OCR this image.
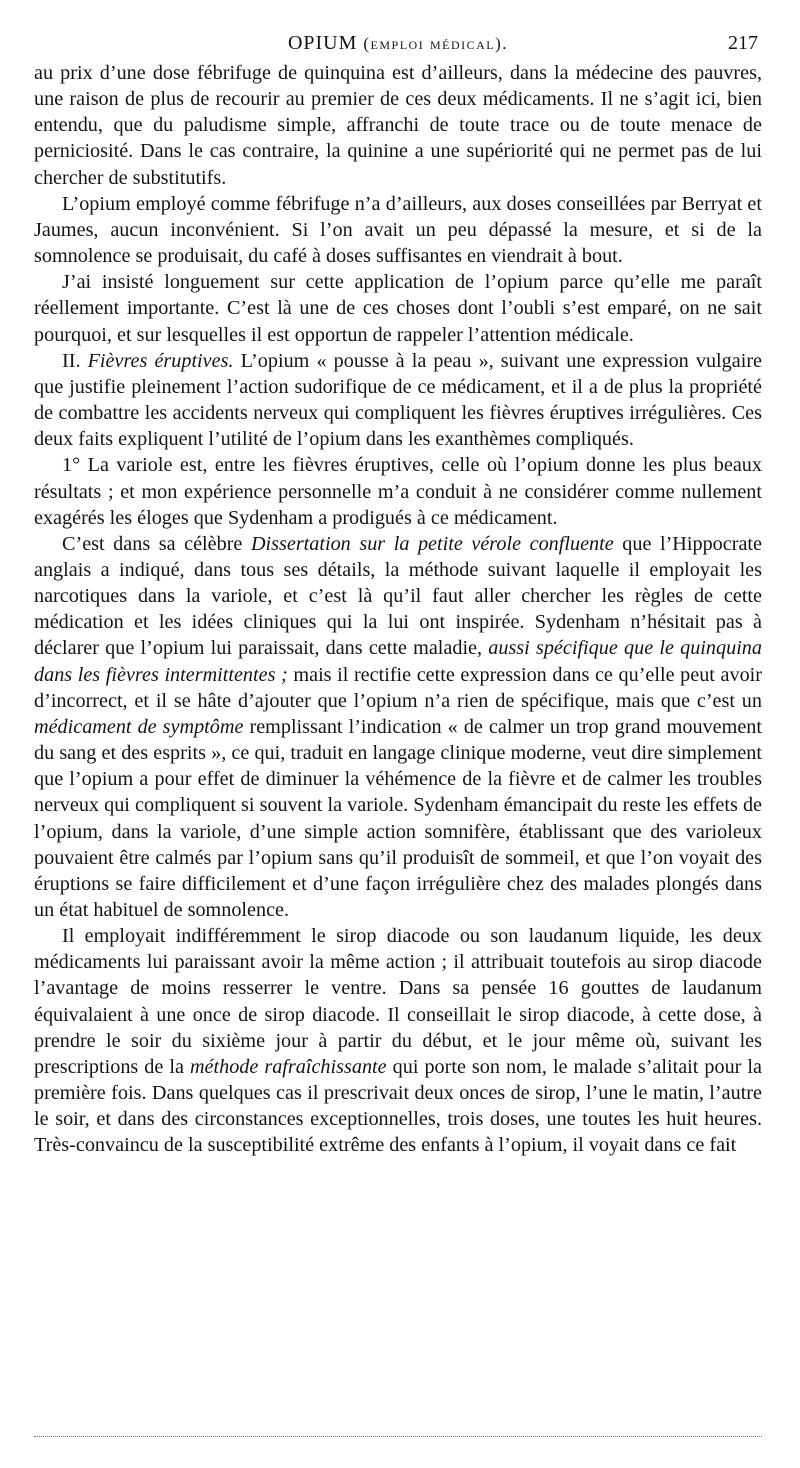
OPIUM (emploi médical).	217

au prix d’une dose fébrifuge de quinquina est d’ailleurs, dans la médecine des pauvres, une raison de plus de recourir au premier de ces deux médicaments. Il ne s’agit ici, bien entendu, que du paludisme simple, affranchi de toute trace ou de toute menace de perniciosité. Dans le cas contraire, la quinine a une supériorité qui ne permet pas de lui chercher de substitutifs.

L’opium employé comme fébrifuge n’a d’ailleurs, aux doses conseillées par Berryat et Jaumes, aucun inconvénient. Si l’on avait un peu dépassé la mesure, et si de la somnolence se produisait, du café à doses suffisantes en viendrait à bout.

J’ai insisté longuement sur cette application de l’opium parce qu’elle me paraît réellement importante. C’est là une de ces choses dont l’oubli s’est emparé, on ne sait pourquoi, et sur lesquelles il est opportun de rappeler l’attention médicale.

II. Fièvres éruptives. L’opium « pousse à la peau », suivant une expression vulgaire que justifie pleinement l’action sudorifique de ce médicament, et il a de plus la propriété de combattre les accidents nerveux qui compliquent les fièvres éruptives irrégulières. Ces deux faits expliquent l’utilité de l’opium dans les exanthèmes compliqués.

1° La variole est, entre les fièvres éruptives, celle où l’opium donne les plus beaux résultats ; et mon expérience personnelle m’a conduit à ne considérer comme nullement exagérés les éloges que Sydenham a prodigués à ce médicament.

C’est dans sa célèbre Dissertation sur la petite vérole confluente que l’Hippocrate anglais a indiqué, dans tous ses détails, la méthode suivant laquelle il employait les narcotiques dans la variole, et c’est là qu’il faut aller chercher les règles de cette médication et les idées cliniques qui la lui ont inspirée. Sydenham n’hésitait pas à déclarer que l’opium lui paraissait, dans cette maladie, aussi spécifique que le quinquina dans les fièvres intermittentes ; mais il rectifie cette expression dans ce qu’elle peut avoir d’incorrect, et il se hâte d’ajouter que l’opium n’a rien de spécifique, mais que c’est un médicament de symptôme remplissant l’indication « de calmer un trop grand mouvement du sang et des esprits », ce qui, traduit en langage clinique moderne, veut dire simplement que l’opium a pour effet de diminuer la véhémence de la fièvre et de calmer les troubles nerveux qui compliquent si souvent la variole. Sydenham émancipait du reste les effets de l’opium, dans la variole, d’une simple action somnifère, établissant que des varioleux pouvaient être calmés par l’opium sans qu’il produisît de sommeil, et que l’on voyait des éruptions se faire difficilement et d’une façon irrégulière chez des malades plongés dans un état habituel de somnolence.

Il employait indifféremment le sirop diacode ou son laudanum liquide, les deux médicaments lui paraissant avoir la même action ; il attribuait toutefois au sirop diacode l’avantage de moins resserrer le ventre. Dans sa pensée 16 gouttes de laudanum équivalaient à une once de sirop diacode. Il conseillait le sirop diacode, à cette dose, à prendre le soir du sixième jour à partir du début, et le jour même où, suivant les prescriptions de la méthode rafraîchissante qui porte son nom, le malade s’alitait pour la première fois. Dans quelques cas il prescrivait deux onces de sirop, l’une le matin, l’autre le soir, et dans des circonstances exceptionnelles, trois doses, une toutes les huit heures. Très-convaincu de la susceptibilité extrême des enfants à l’opium, il voyait dans ce fait
